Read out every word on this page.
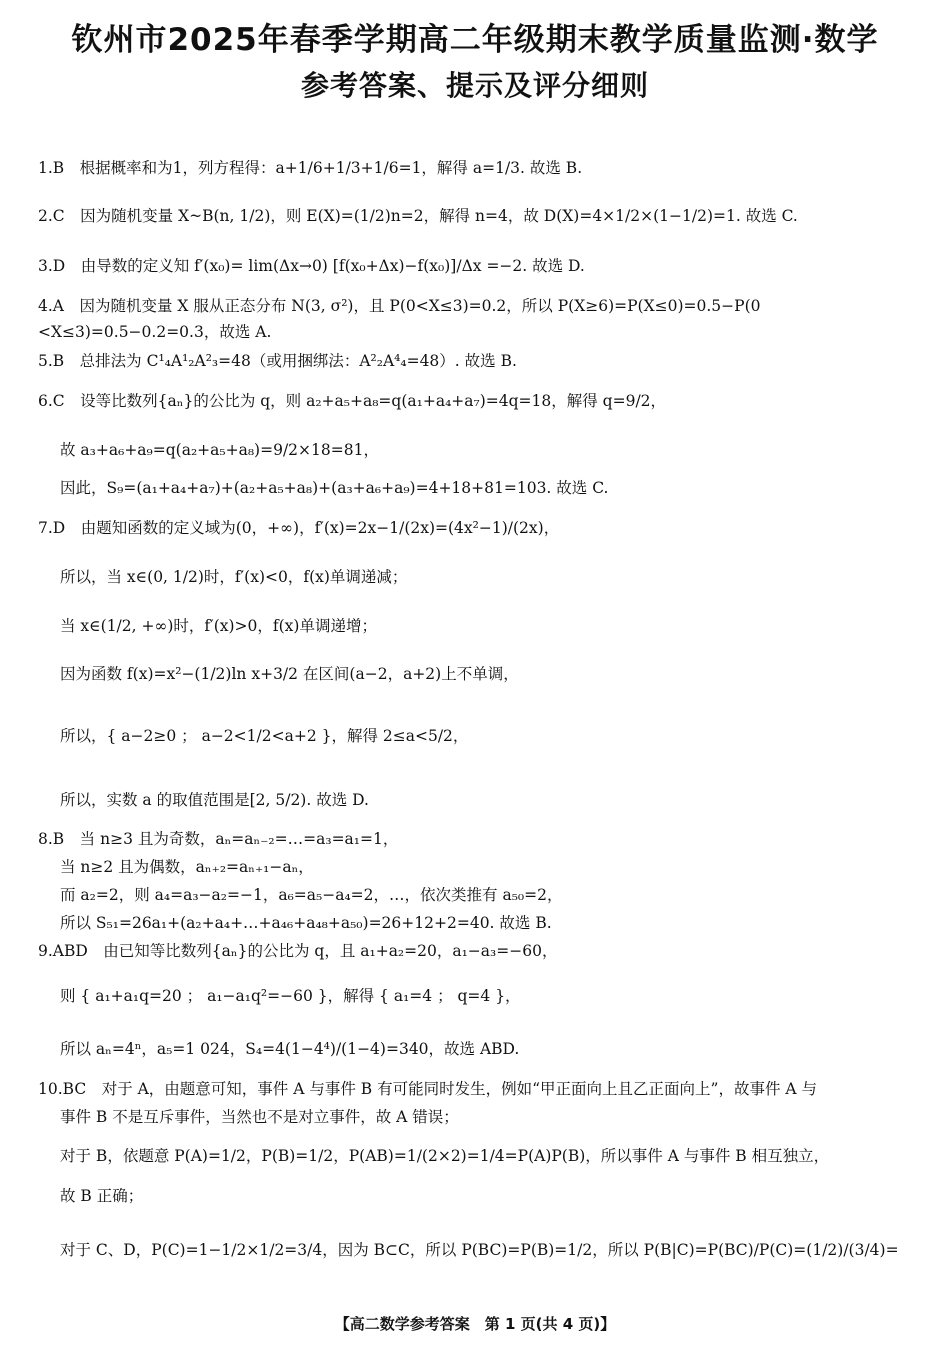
钦州市2025年春季学期高二年级期末教学质量监测·数学
参考答案、提示及评分细则
1.B　根据概率和为1，列方程得：a+1/6+1/3+1/6=1，解得 a=1/3. 故选 B.
2.C　因为随机变量 X~B(n, 1/2)，则 E(X)=(1/2)n=2，解得 n=4，故 D(X)=4×1/2×(1−1/2)=1. 故选 C.
3.D　由导数的定义知 f′(x₀)= lim(Δx→0) [f(x₀+Δx)−f(x₀)]/Δx =−2. 故选 D.
4.A　因为随机变量 X 服从正态分布 N(3, σ²)，且 P(0<X≤3)=0.2，所以 P(X≥6)=P(X≤0)=0.5−P(0
<X≤3)=0.5−0.2=0.3，故选 A.
5.B　总排法为 C¹₄A¹₂A²₃=48（或用捆绑法：A²₂A⁴₄=48）. 故选 B.
6.C　设等比数列{aₙ}的公比为 q，则 a₂+a₅+a₈=q(a₁+a₄+a₇)=4q=18，解得 q=9/2，
故 a₃+a₆+a₉=q(a₂+a₅+a₈)=9/2×18=81，
因此，S₉=(a₁+a₄+a₇)+(a₂+a₅+a₈)+(a₃+a₆+a₉)=4+18+81=103. 故选 C.
7.D　由题知函数的定义域为(0，+∞)，f′(x)=2x−1/(2x)=(4x²−1)/(2x)，
所以，当 x∈(0, 1/2)时，f′(x)<0，f(x)单调递减；
当 x∈(1/2, +∞)时，f′(x)>0，f(x)单调递增；
因为函数 f(x)=x²−(1/2)ln x+3/2 在区间(a−2，a+2)上不单调，
所以，{ a−2≥0 ； a−2<1/2<a+2 }，解得 2≤a<5/2，
所以，实数 a 的取值范围是[2, 5/2). 故选 D.
8.B　当 n≥3 且为奇数，aₙ=aₙ₋₂=…=a₃=a₁=1，
当 n≥2 且为偶数，aₙ₊₂=aₙ₊₁−aₙ，
而 a₂=2，则 a₄=a₃−a₂=−1，a₆=a₅−a₄=2，…，依次类推有 a₅₀=2，
所以 S₅₁=26a₁+(a₂+a₄+…+a₄₆+a₄₈+a₅₀)=26+12+2=40. 故选 B.
9.ABD　由已知等比数列{aₙ}的公比为 q，且 a₁+a₂=20，a₁−a₃=−60，
则 { a₁+a₁q=20 ； a₁−a₁q²=−60 }，解得 { a₁=4 ； q=4 }，
所以 aₙ=4ⁿ，a₅=1 024，S₄=4(1−4⁴)/(1−4)=340，故选 ABD.
10.BC　对于 A，由题意可知，事件 A 与事件 B 有可能同时发生，例如“甲正面向上且乙正面向上”，故事件 A 与
事件 B 不是互斥事件，当然也不是对立事件，故 A 错误；
对于 B，依题意 P(A)=1/2，P(B)=1/2，P(AB)=1/(2×2)=1/4=P(A)P(B)，所以事件 A 与事件 B 相互独立，
故 B 正确；
对于 C、D，P(C)=1−1/2×1/2=3/4，因为 B⊂C，所以 P(BC)=P(B)=1/2，所以 P(B|C)=P(BC)/P(C)=(1/2)/(3/4)=
【高二数学参考答案　第 1 页(共 4 页)】
